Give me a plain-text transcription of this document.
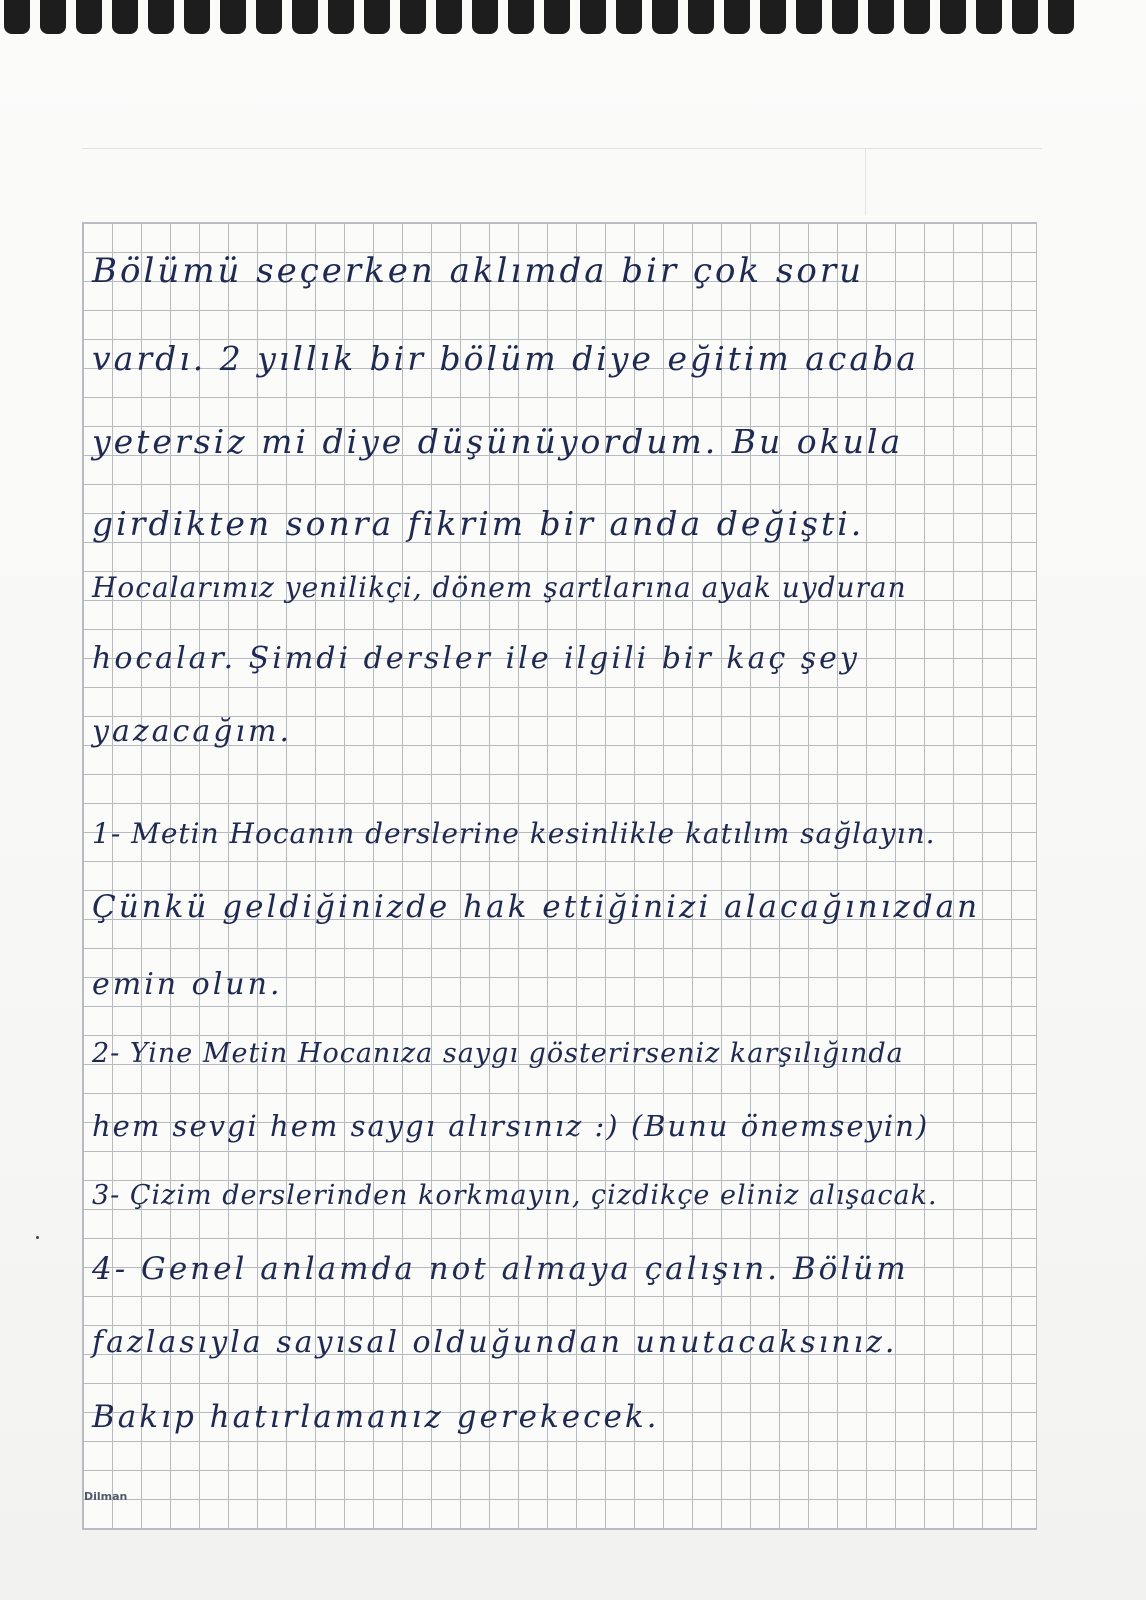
Bölümü seçerken aklımda bir çok soru
vardı. 2 yıllık bir bölüm diye eğitim acaba
yetersiz mi diye düşünüyordum. Bu okula
girdikten sonra fikrim bir anda değişti.
Hocalarımız yenilikçi, dönem şartlarına ayak uyduran
hocalar. Şimdi dersler ile ilgili bir kaç şey
yazacağım.
1- Metin Hocanın derslerine kesinlikle katılım sağlayın.
Çünkü geldiğinizde hak ettiğinizi alacağınızdan
emin olun.
2- Yine Metin Hocanıza saygı gösterirseniz karşılığında
hem sevgi hem saygı alırsınız :) (Bunu önemseyin)
3- Çizim derslerinden korkmayın, çizdikçe eliniz alışacak.
4- Genel anlamda not almaya çalışın. Bölüm
fazlasıyla sayısal olduğundan unutacaksınız.
Bakıp hatırlamanız gerekecek.
Dilman
